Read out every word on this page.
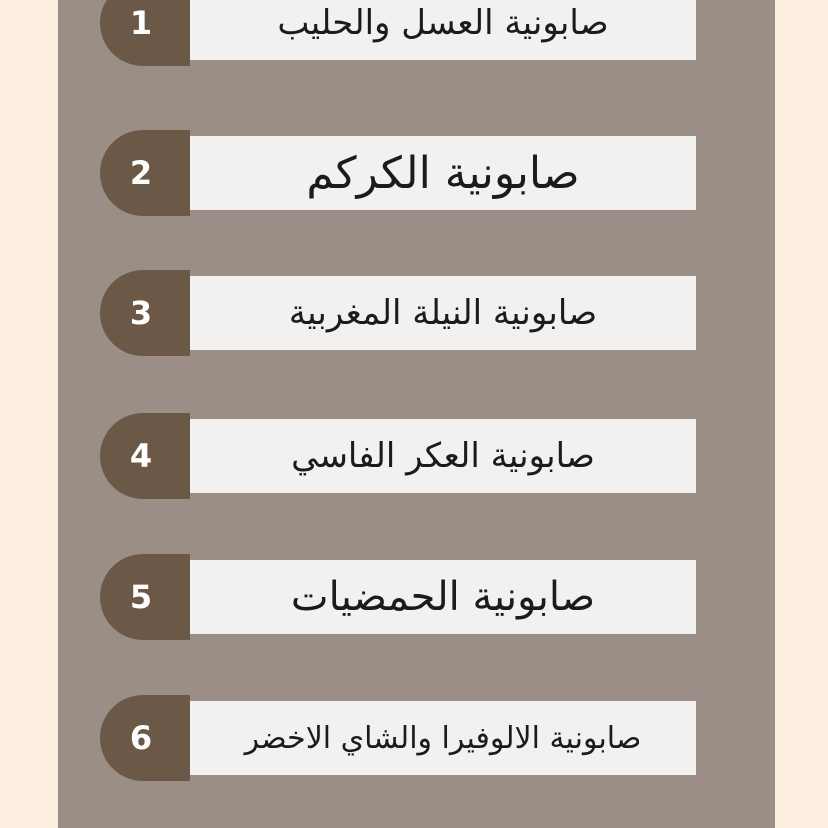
1	صابونية العسل والحليب
2	صابونية الكركم
3	صابونية النيلة المغربية
4	صابونية العكر الفاسي
5	صابونية الحمضيات
6	صابونية الالوفيرا والشاي الاخضر
